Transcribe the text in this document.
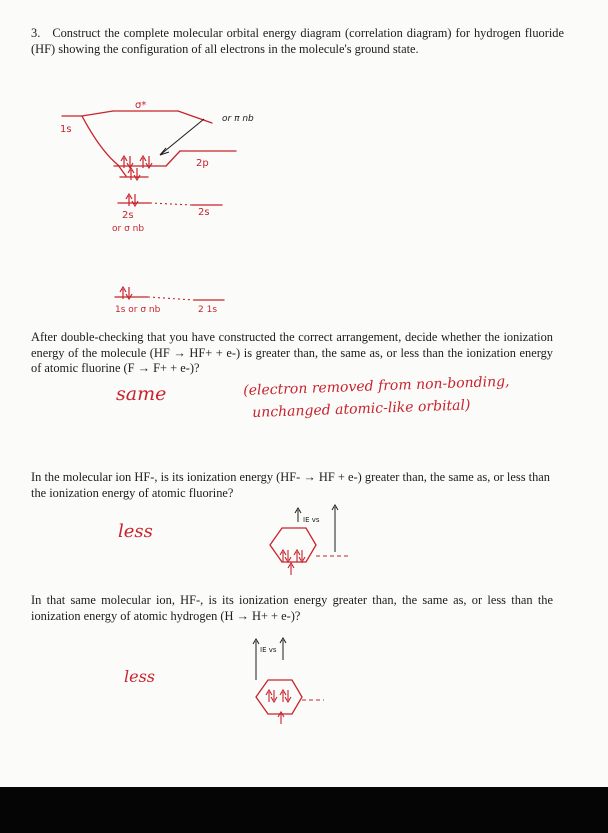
3. Construct the complete molecular orbital energy diagram (correlation diagram) for hydrogen fluoride (HF) showing the configuration of all electrons in the molecule's ground state.
σ*
1s
or π nb
2p
2s	2s
or σ nb
1s or σ nb	2 1s
After double-checking that you have constructed the correct arrangement, decide whether the ionization energy of the molecule (HF → HF+ + e-) is greater than, the same as, or less than the ionization energy of atomic fluorine (F → F+ + e-)?
same	(electron removed from non-bonding,
unchanged atomic-like orbital)
In the molecular ion HF-, is its ionization energy (HF- → HF + e-) greater than, the same as, or less than the ionization energy of atomic fluorine?
less
IE vs
In that same molecular ion, HF-, is its ionization energy greater than, the same as, or less than the ionization energy of atomic hydrogen (H → H+ + e-)?
less
IE vs
